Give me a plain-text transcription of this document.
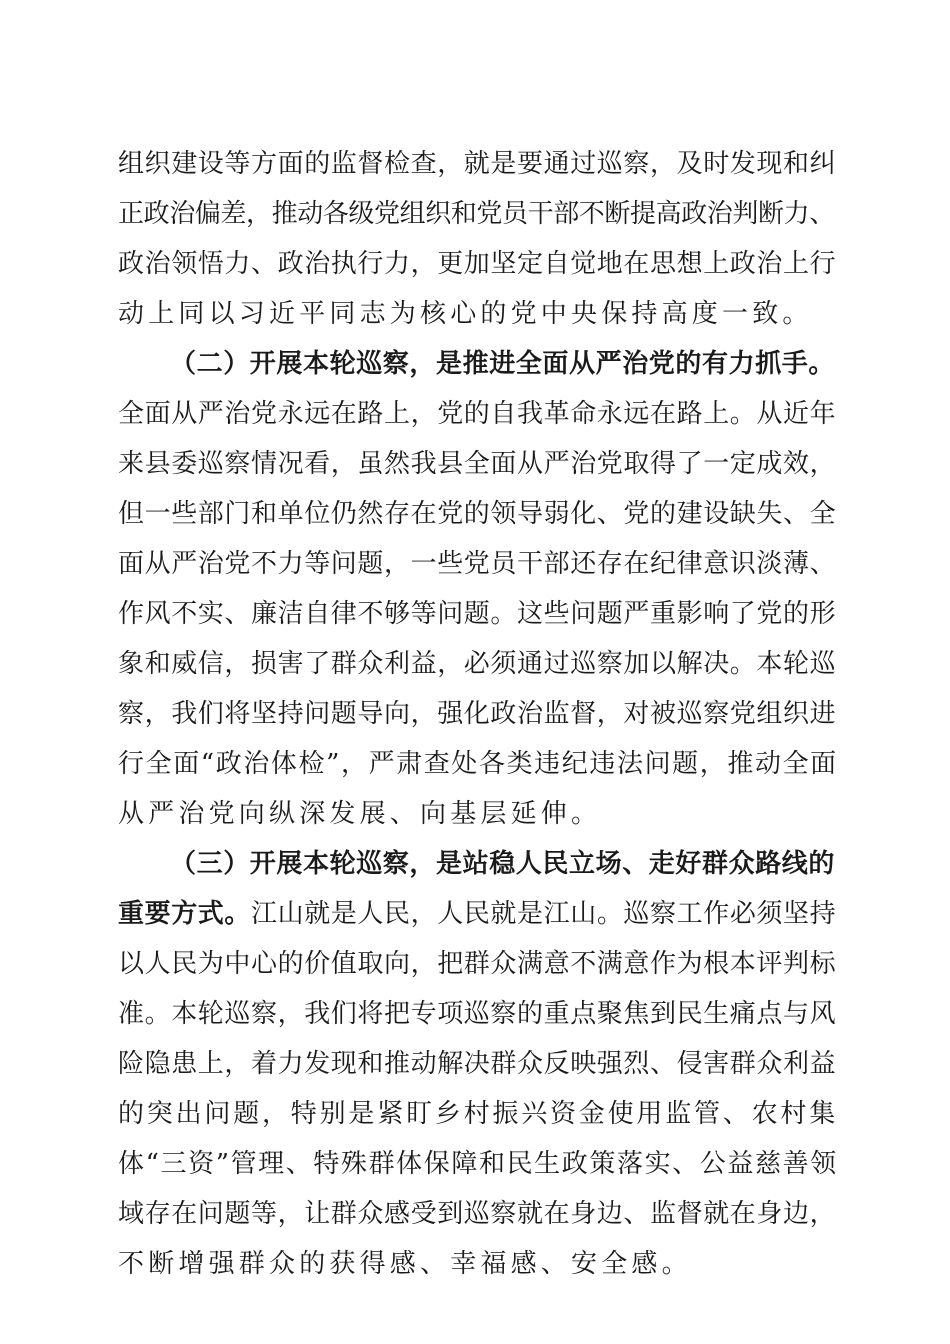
组织建设等方面的监督检查，就是要通过巡察，及时发现和纠
正政治偏差，推动各级党组织和党员干部不断提高政治判断力、
政治领悟力、政治执行力，更加坚定自觉地在思想上政治上行
动上同以习近平同志为核心的党中央保持高度一致。
（二）开展本轮巡察，是推进全面从严治党的有力抓手。
全面从严治党永远在路上，党的自我革命永远在路上。从近年
来县委巡察情况看，虽然我县全面从严治党取得了一定成效，
但一些部门和单位仍然存在党的领导弱化、党的建设缺失、全
面从严治党不力等问题，一些党员干部还存在纪律意识淡薄、
作风不实、廉洁自律不够等问题。这些问题严重影响了党的形
象和威信，损害了群众利益，必须通过巡察加以解决。本轮巡
察，我们将坚持问题导向，强化政治监督，对被巡察党组织进
行全面“政治体检”，严肃查处各类违纪违法问题，推动全面
从严治党向纵深发展、向基层延伸。
（三）开展本轮巡察，是站稳人民立场、走好群众路线的
重要方式。江山就是人民，人民就是江山。巡察工作必须坚持
以人民为中心的价值取向，把群众满意不满意作为根本评判标
准。本轮巡察，我们将把专项巡察的重点聚焦到民生痛点与风
险隐患上，着力发现和推动解决群众反映强烈、侵害群众利益
的突出问题，特别是紧盯乡村振兴资金使用监管、农村集
体“三资”管理、特殊群体保障和民生政策落实、公益慈善领
域存在问题等，让群众感受到巡察就在身边、监督就在身边，
不断增强群众的获得感、幸福感、安全感。
